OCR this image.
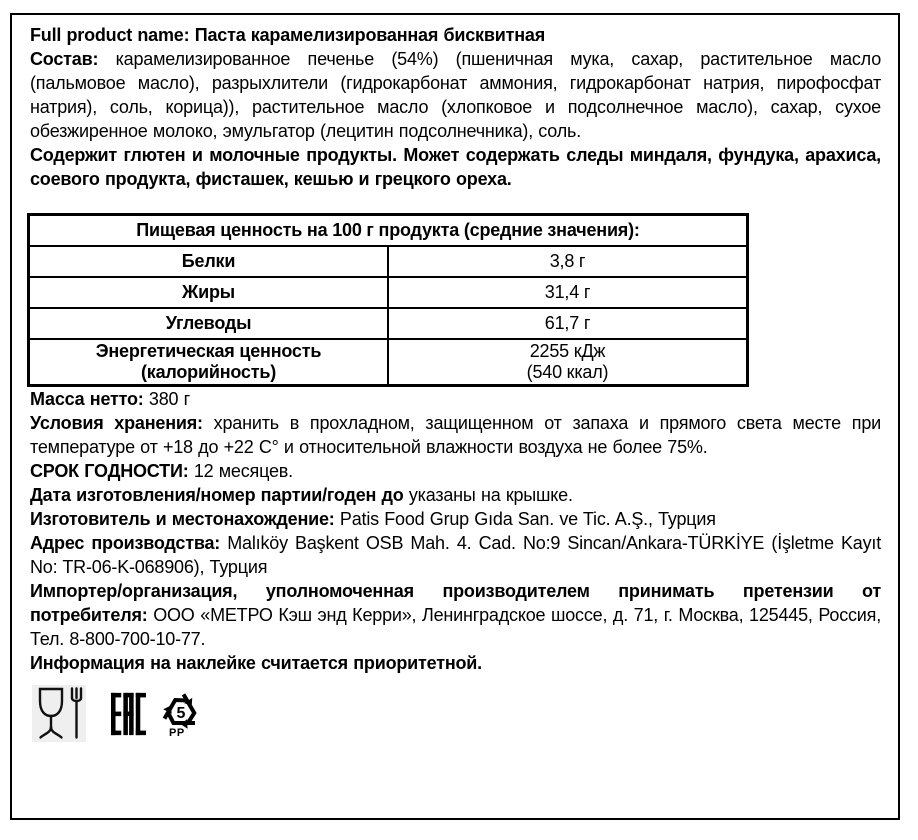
Full product name: Паста карамелизированная бисквитная

Состав: карамелизированное печенье (54%) (пшеничная мука, сахар, растительное масло (пальмовое масло), разрыхлители (гидрокарбонат аммония, гидрокарбонат натрия, пирофосфат натрия), соль, корица)), растительное масло (хлопковое и подсолнечное масло), сахар, сухое обезжиренное молоко, эмульгатор (лецитин подсолнечника), соль.

Содержит глютен и молочные продукты. Может содержать следы миндаля, фундука, арахиса, соевого продукта, фисташек, кешью и грецкого ореха.

Пищевая ценность на 100 г продукта (средние значения):	
Белки	3,8 г
Жиры	31,4 г
Углеводы	61,7 г
Энергетическая ценность (калорийность)	2255 кДж
(540 ккал)

Масса нетто: 380 г

Условия хранения: хранить в прохладном, защищенном от запаха и прямого света месте при температуре от +18 до +22 С° и относительной влажности воздуха не более 75%.

СРОК ГОДНОСТИ: 12 месяцев.

Дата изготовления/номер партии/годен до указаны на крышке.

Изготовитель и местонахождение: Patis Food Grup Gıda San. ve Tic. A.Ş., Турция

Адрес производства: Malıköy Başkent OSB Mah. 4. Cad. No:9 Sincan/Ankara-TÜRKİYE (İşletme Kayıt No: TR-06-K-068906), Турция

Импортер/организация, уполномоченная производителем принимать претензии от потребителя: ООО «МЕТРО Кэш энд Керри», Ленинградское шоссе, д. 71, г. Москва, 125445, Россия, Тел. 8-800-700-10-77.

Информация на наклейке считается приоритетной.

5
PP
